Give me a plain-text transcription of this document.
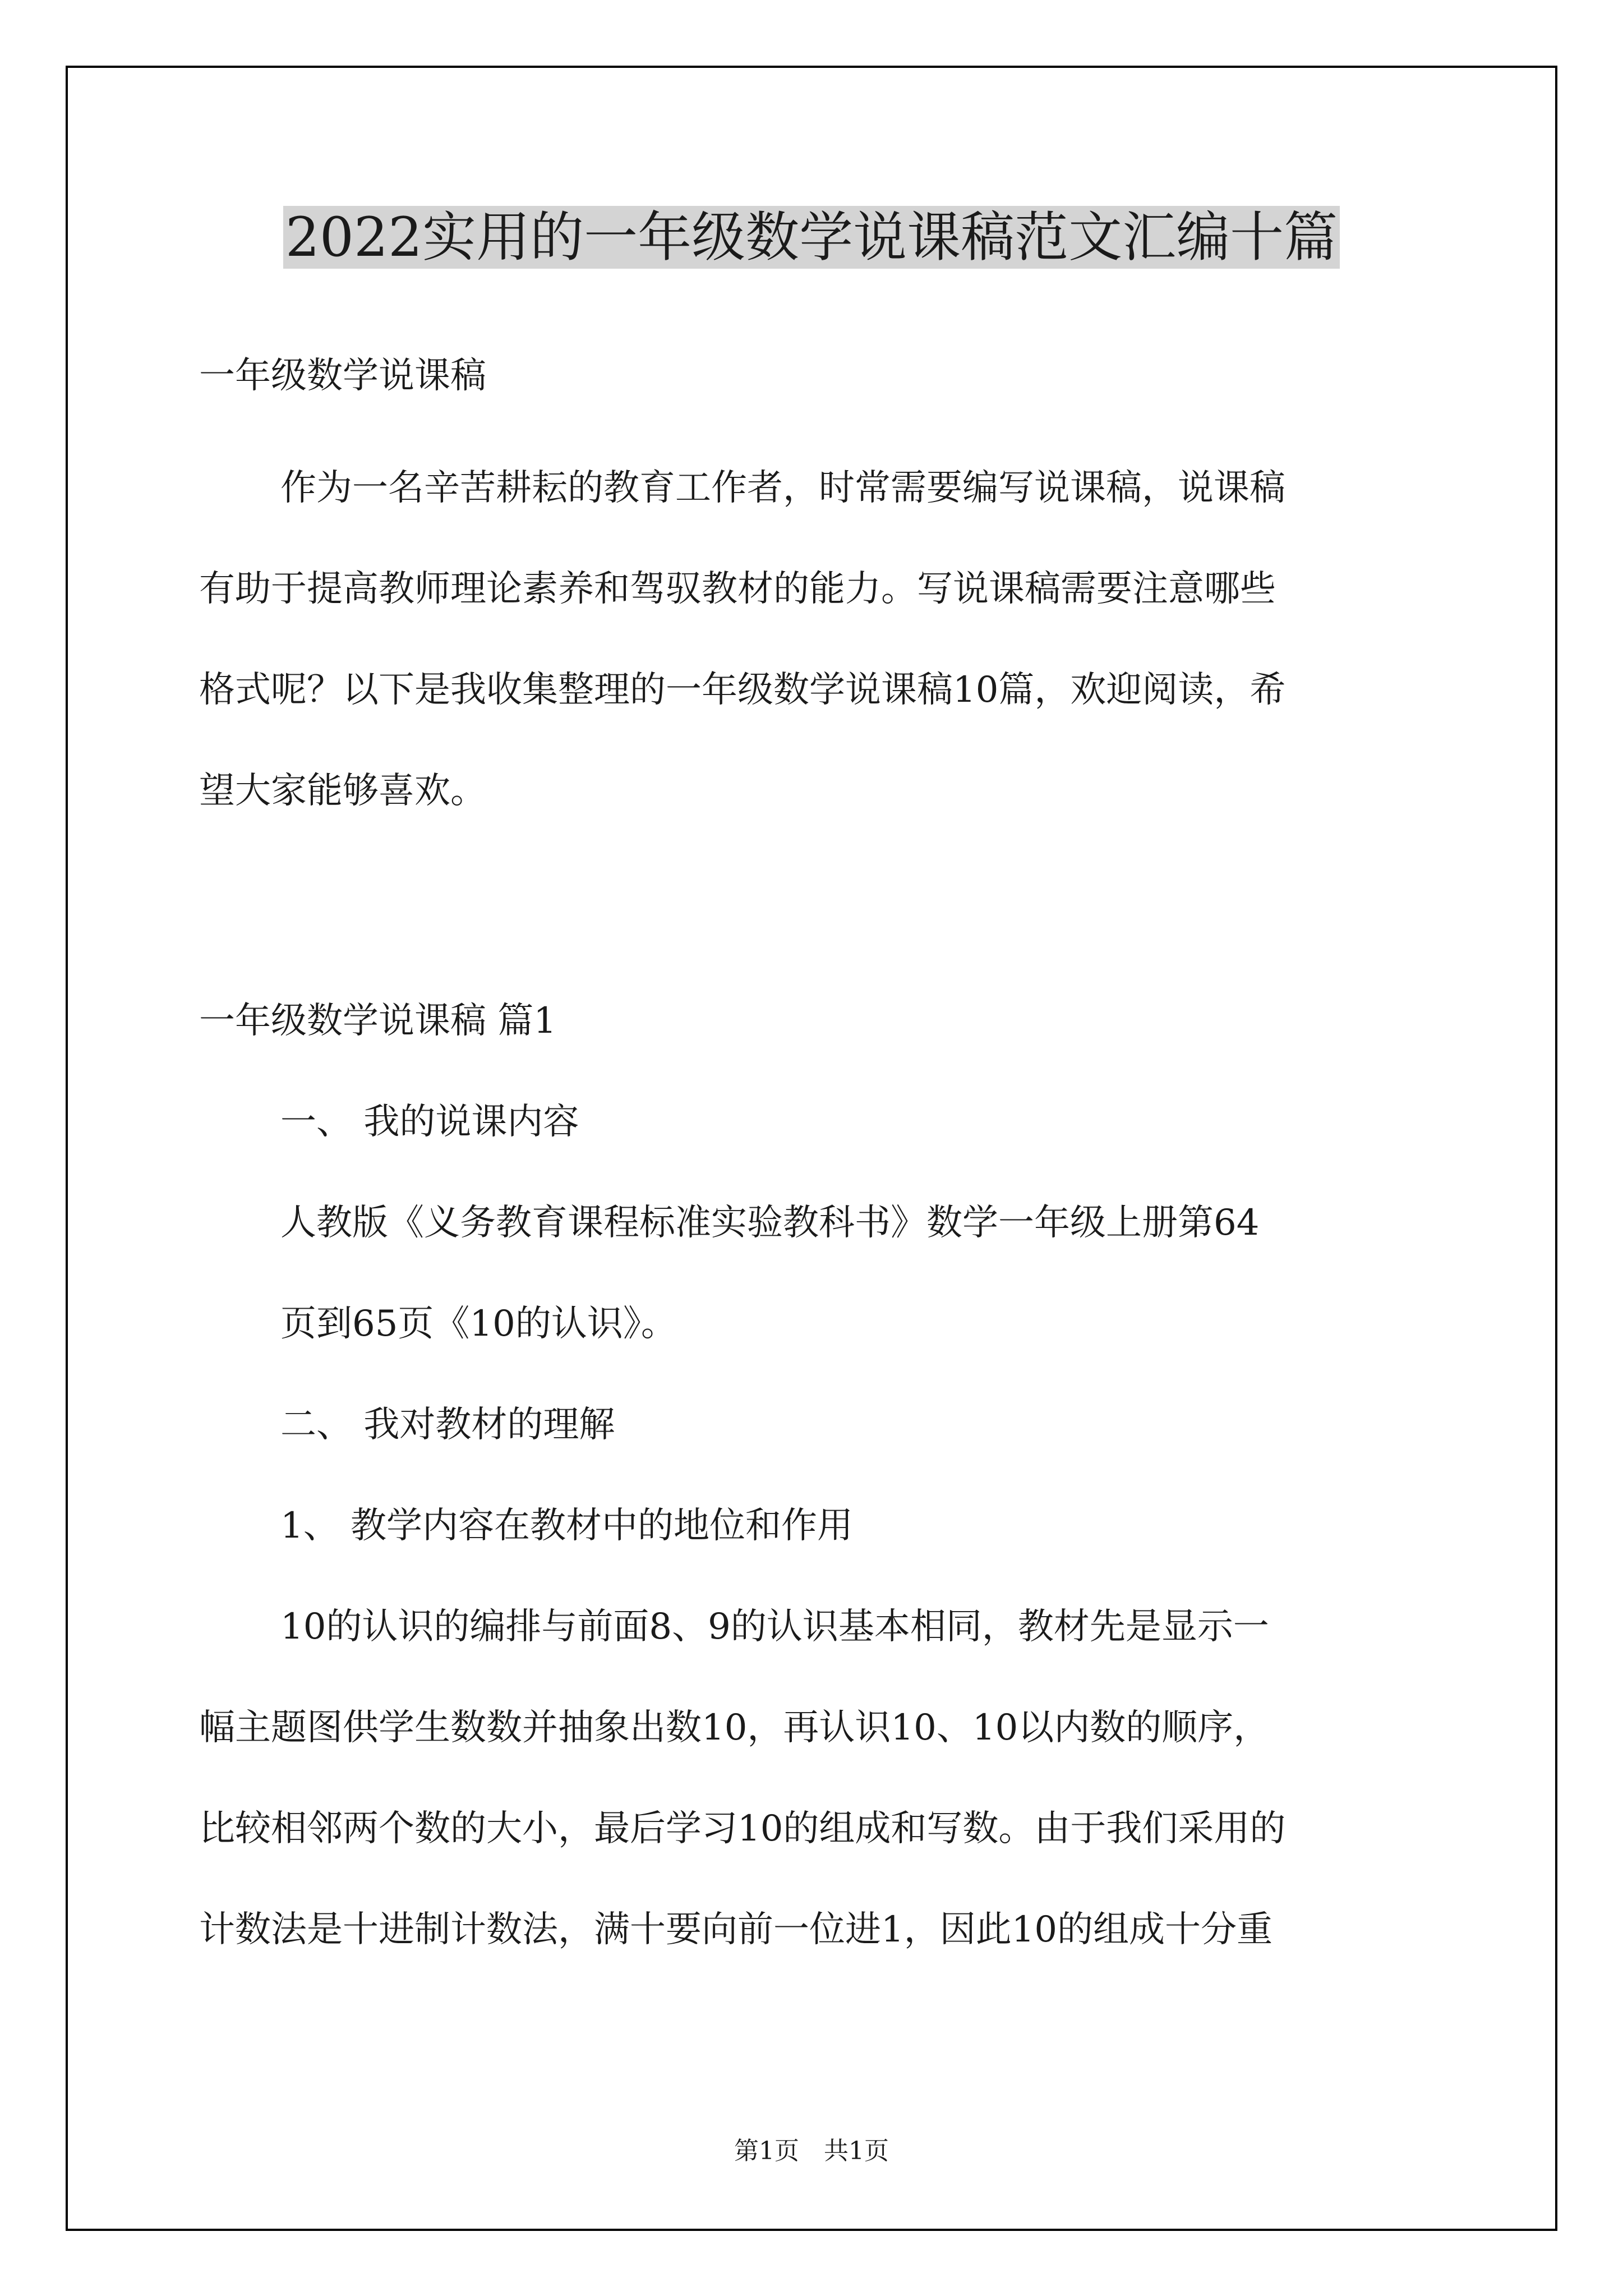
2022实用的一年级数学说课稿范文汇编十篇
一年级数学说课稿
作为一名辛苦耕耘的教育工作者，时常需要编写说课稿，说课稿
有助于提高教师理论素养和驾驭教材的能力。写说课稿需要注意哪些
格式呢？以下是我收集整理的一年级数学说课稿10篇，欢迎阅读，希
望大家能够喜欢。
一年级数学说课稿 篇1
一、 我的说课内容
人教版《义务教育课程标准实验教科书》数学一年级上册第64
页到65页《10的认识》。
二、 我对教材的理解
1、 教学内容在教材中的地位和作用
10的认识的编排与前面8、9的认识基本相同，教材先是显示一
幅主题图供学生数数并抽象出数10，再认识10、10以内数的顺序，
比较相邻两个数的大小，最后学习10的组成和写数。由于我们采用的
计数法是十进制计数法，满十要向前一位进1，因此10的组成十分重
第1页　共1页
